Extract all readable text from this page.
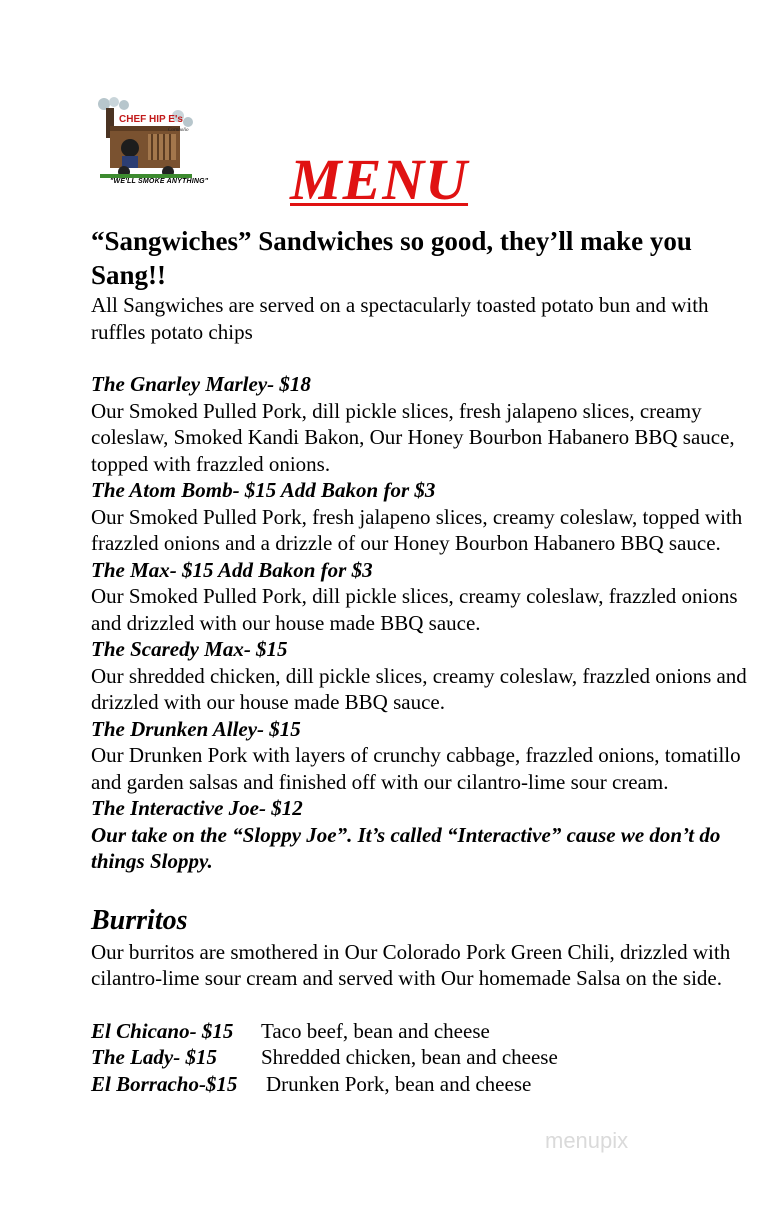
CHEF HIP E's
Cornholio
"WE'LL SMOKE ANYTHING" MENU

“Sangwiches” Sandwiches so good, they’ll make you Sang!!

All Sangwiches are served on a spectacularly toasted potato bun and with ruffles potato chips

The Gnarley Marley- $18

Our Smoked Pulled Pork, dill pickle slices, fresh jalapeno slices, creamy coleslaw, Smoked Kandi Bakon, Our Honey Bourbon Habanero BBQ sauce, topped with frazzled onions.

The Atom Bomb- $15 Add Bakon for $3

Our Smoked Pulled Pork, fresh jalapeno slices, creamy coleslaw, topped with frazzled onions and a drizzle of our Honey Bourbon Habanero BBQ sauce.

The Max- $15 Add Bakon for $3

Our Smoked Pulled Pork, dill pickle slices, creamy coleslaw, frazzled onions and drizzled with our house made BBQ sauce.

The Scaredy Max- $15

Our shredded chicken, dill pickle slices, creamy coleslaw, frazzled onions and drizzled with our house made BBQ sauce.

The Drunken Alley- $15

Our Drunken Pork with layers of crunchy cabbage, frazzled onions, tomatillo and garden salsas and finished off with our cilantro-lime sour cream.

The Interactive Joe- $12

Our take on the “Sloppy Joe”. It’s called “Interactive” cause we don’t do things Sloppy.

Burritos

Our burritos are smothered in Our Colorado Pork Green Chili, drizzled with cilantro-lime sour cream and served with Our homemade Salsa on the side.

El Chicano- $15	Taco beef, bean and cheese
The Lady- $15	Shredded chicken, bean and cheese
El Borracho-$15	Drunken Pork, bean and cheese
menupix
